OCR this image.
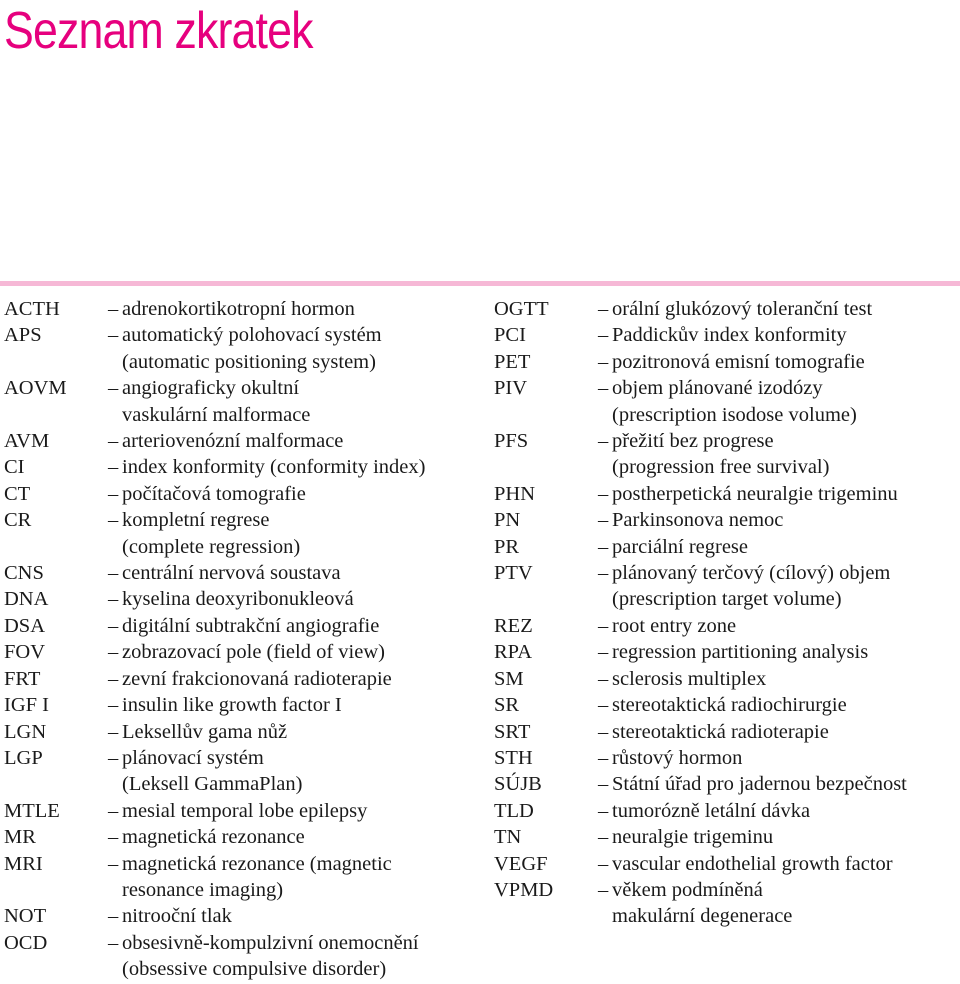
Seznam zkratek
ACTH	– adrenokortikotropní hormon
APS	– automatický polohovací systém
(automatic positioning system)
AOVM	– angiograficky okultní
vaskulární malformace
AVM	– arteriovenózní malformace
CI	– index konformity (conformity index)
CT	– počítačová tomografie
CR	– kompletní regrese
(complete regression)
CNS	– centrální nervová soustava
DNA	– kyselina deoxyribonukleová
DSA	– digitální subtrakční angiografie
FOV	– zobrazovací pole (field of view)
FRT	– zevní frakcionovaná radioterapie
IGF I	– insulin like growth factor I
LGN	– Leksellův gama nůž
LGP	– plánovací systém
(Leksell GammaPlan)
MTLE	– mesial temporal lobe epilepsy
MR	– magnetická rezonance
MRI	– magnetická rezonance (magnetic
resonance imaging)
NOT	– nitrooční tlak
OCD	– obsesivně-kompulzivní onemocnění
(obsessive compulsive disorder)
OGTT	– orální glukózový toleranční test
PCI	– Paddickův index konformity
PET	– pozitronová emisní tomografie
PIV	– objem plánované izodózy
(prescription isodose volume)
PFS	– přežití bez progrese
(progression free survival)
PHN	– postherpetická neuralgie trigeminu
PN	– Parkinsonova nemoc
PR	– parciální regrese
PTV	– plánovaný terčový (cílový) objem
(prescription target volume)
REZ	– root entry zone
RPA	– regression partitioning analysis
SM	– sclerosis multiplex
SR	– stereotaktická radiochirurgie
SRT	– stereotaktická radioterapie
STH	– růstový hormon
SÚJB	– Státní úřad pro jadernou bezpečnost
TLD	– tumorózně letální dávka
TN	– neuralgie trigeminu
VEGF	– vascular endothelial growth factor
VPMD	– věkem podmíněná
makulární degenerace
